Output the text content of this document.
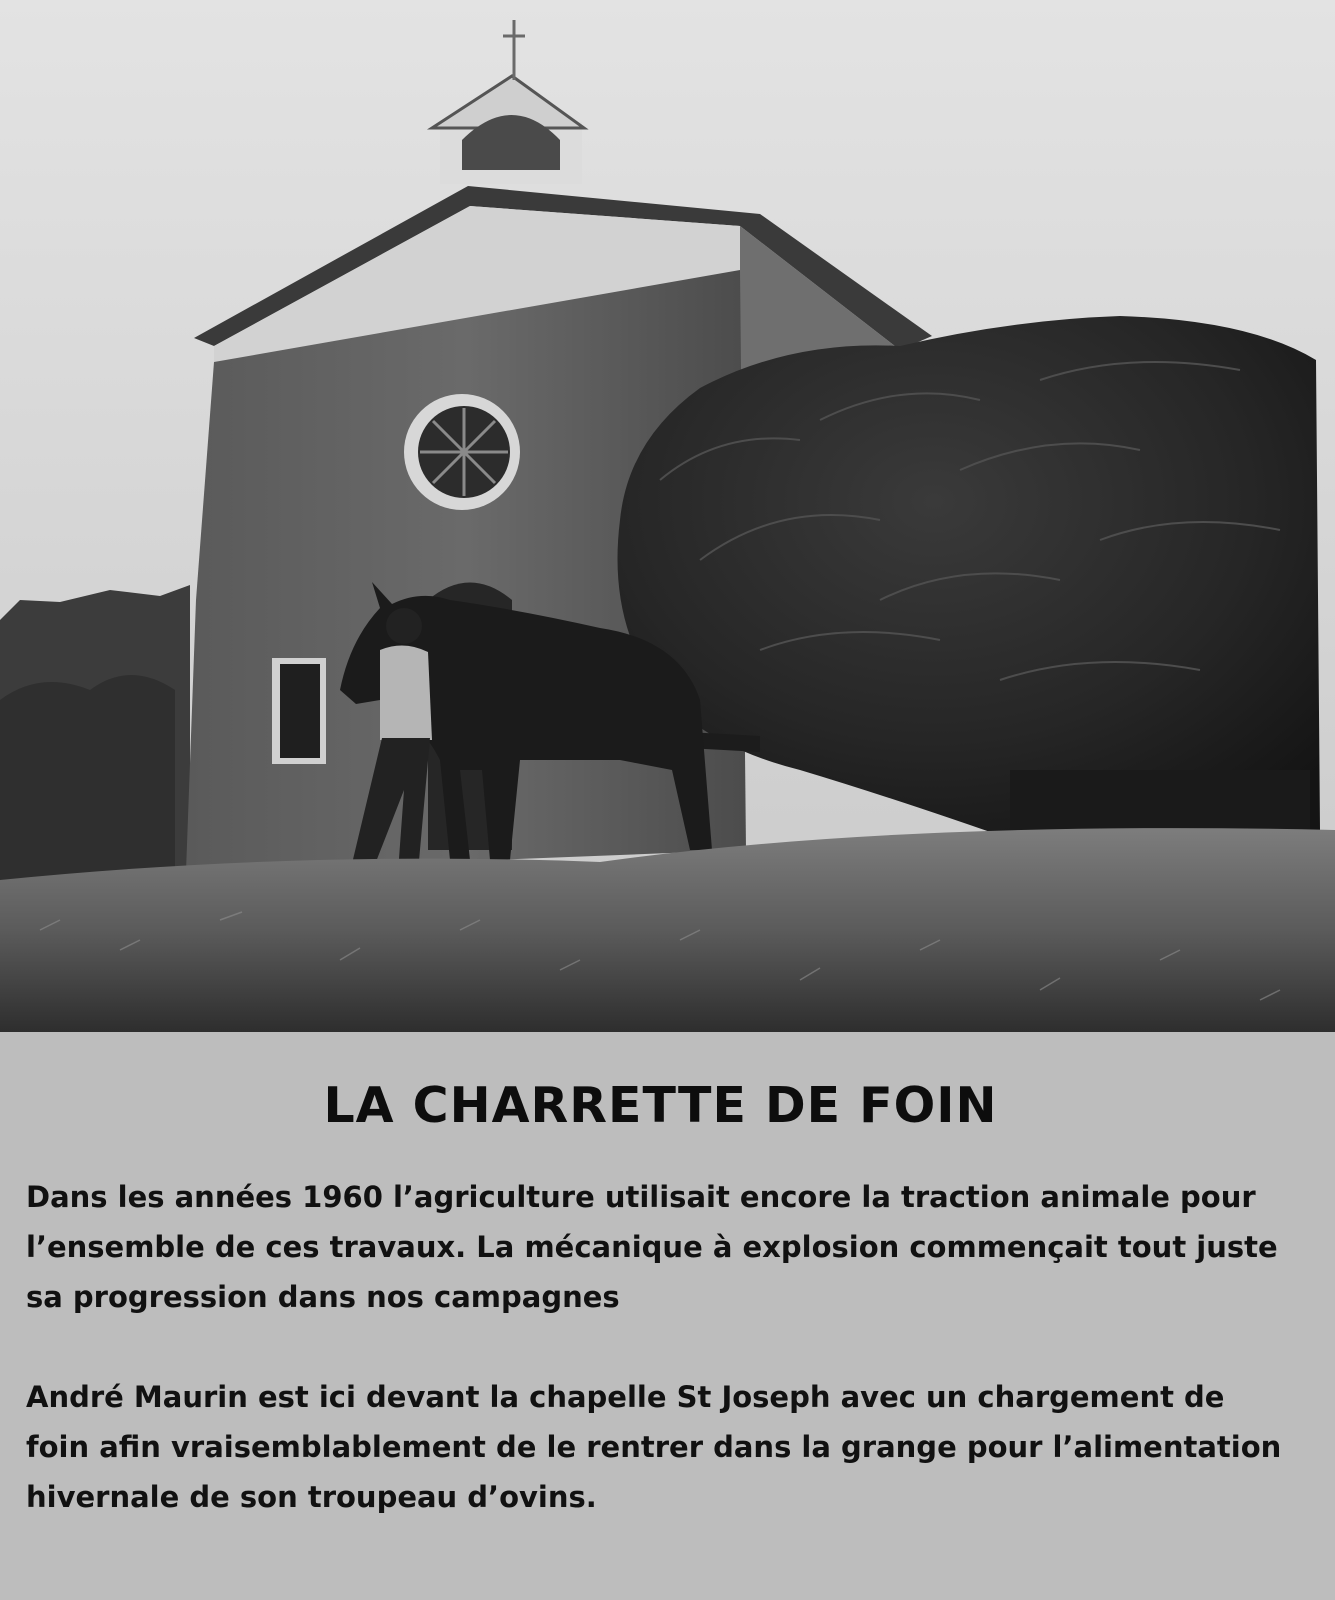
LA CHARRETTE DE FOIN

Dans les années 1960 l’agriculture utilisait encore la traction animale pour l’ensemble de ces travaux. La mécanique à explosion commençait tout juste sa progression dans nos campagnes

André Maurin est ici devant la chapelle St Joseph avec un chargement de foin afin vraisemblablement de le rentrer dans la grange pour l’alimentation hivernale de son troupeau d’ovins.
